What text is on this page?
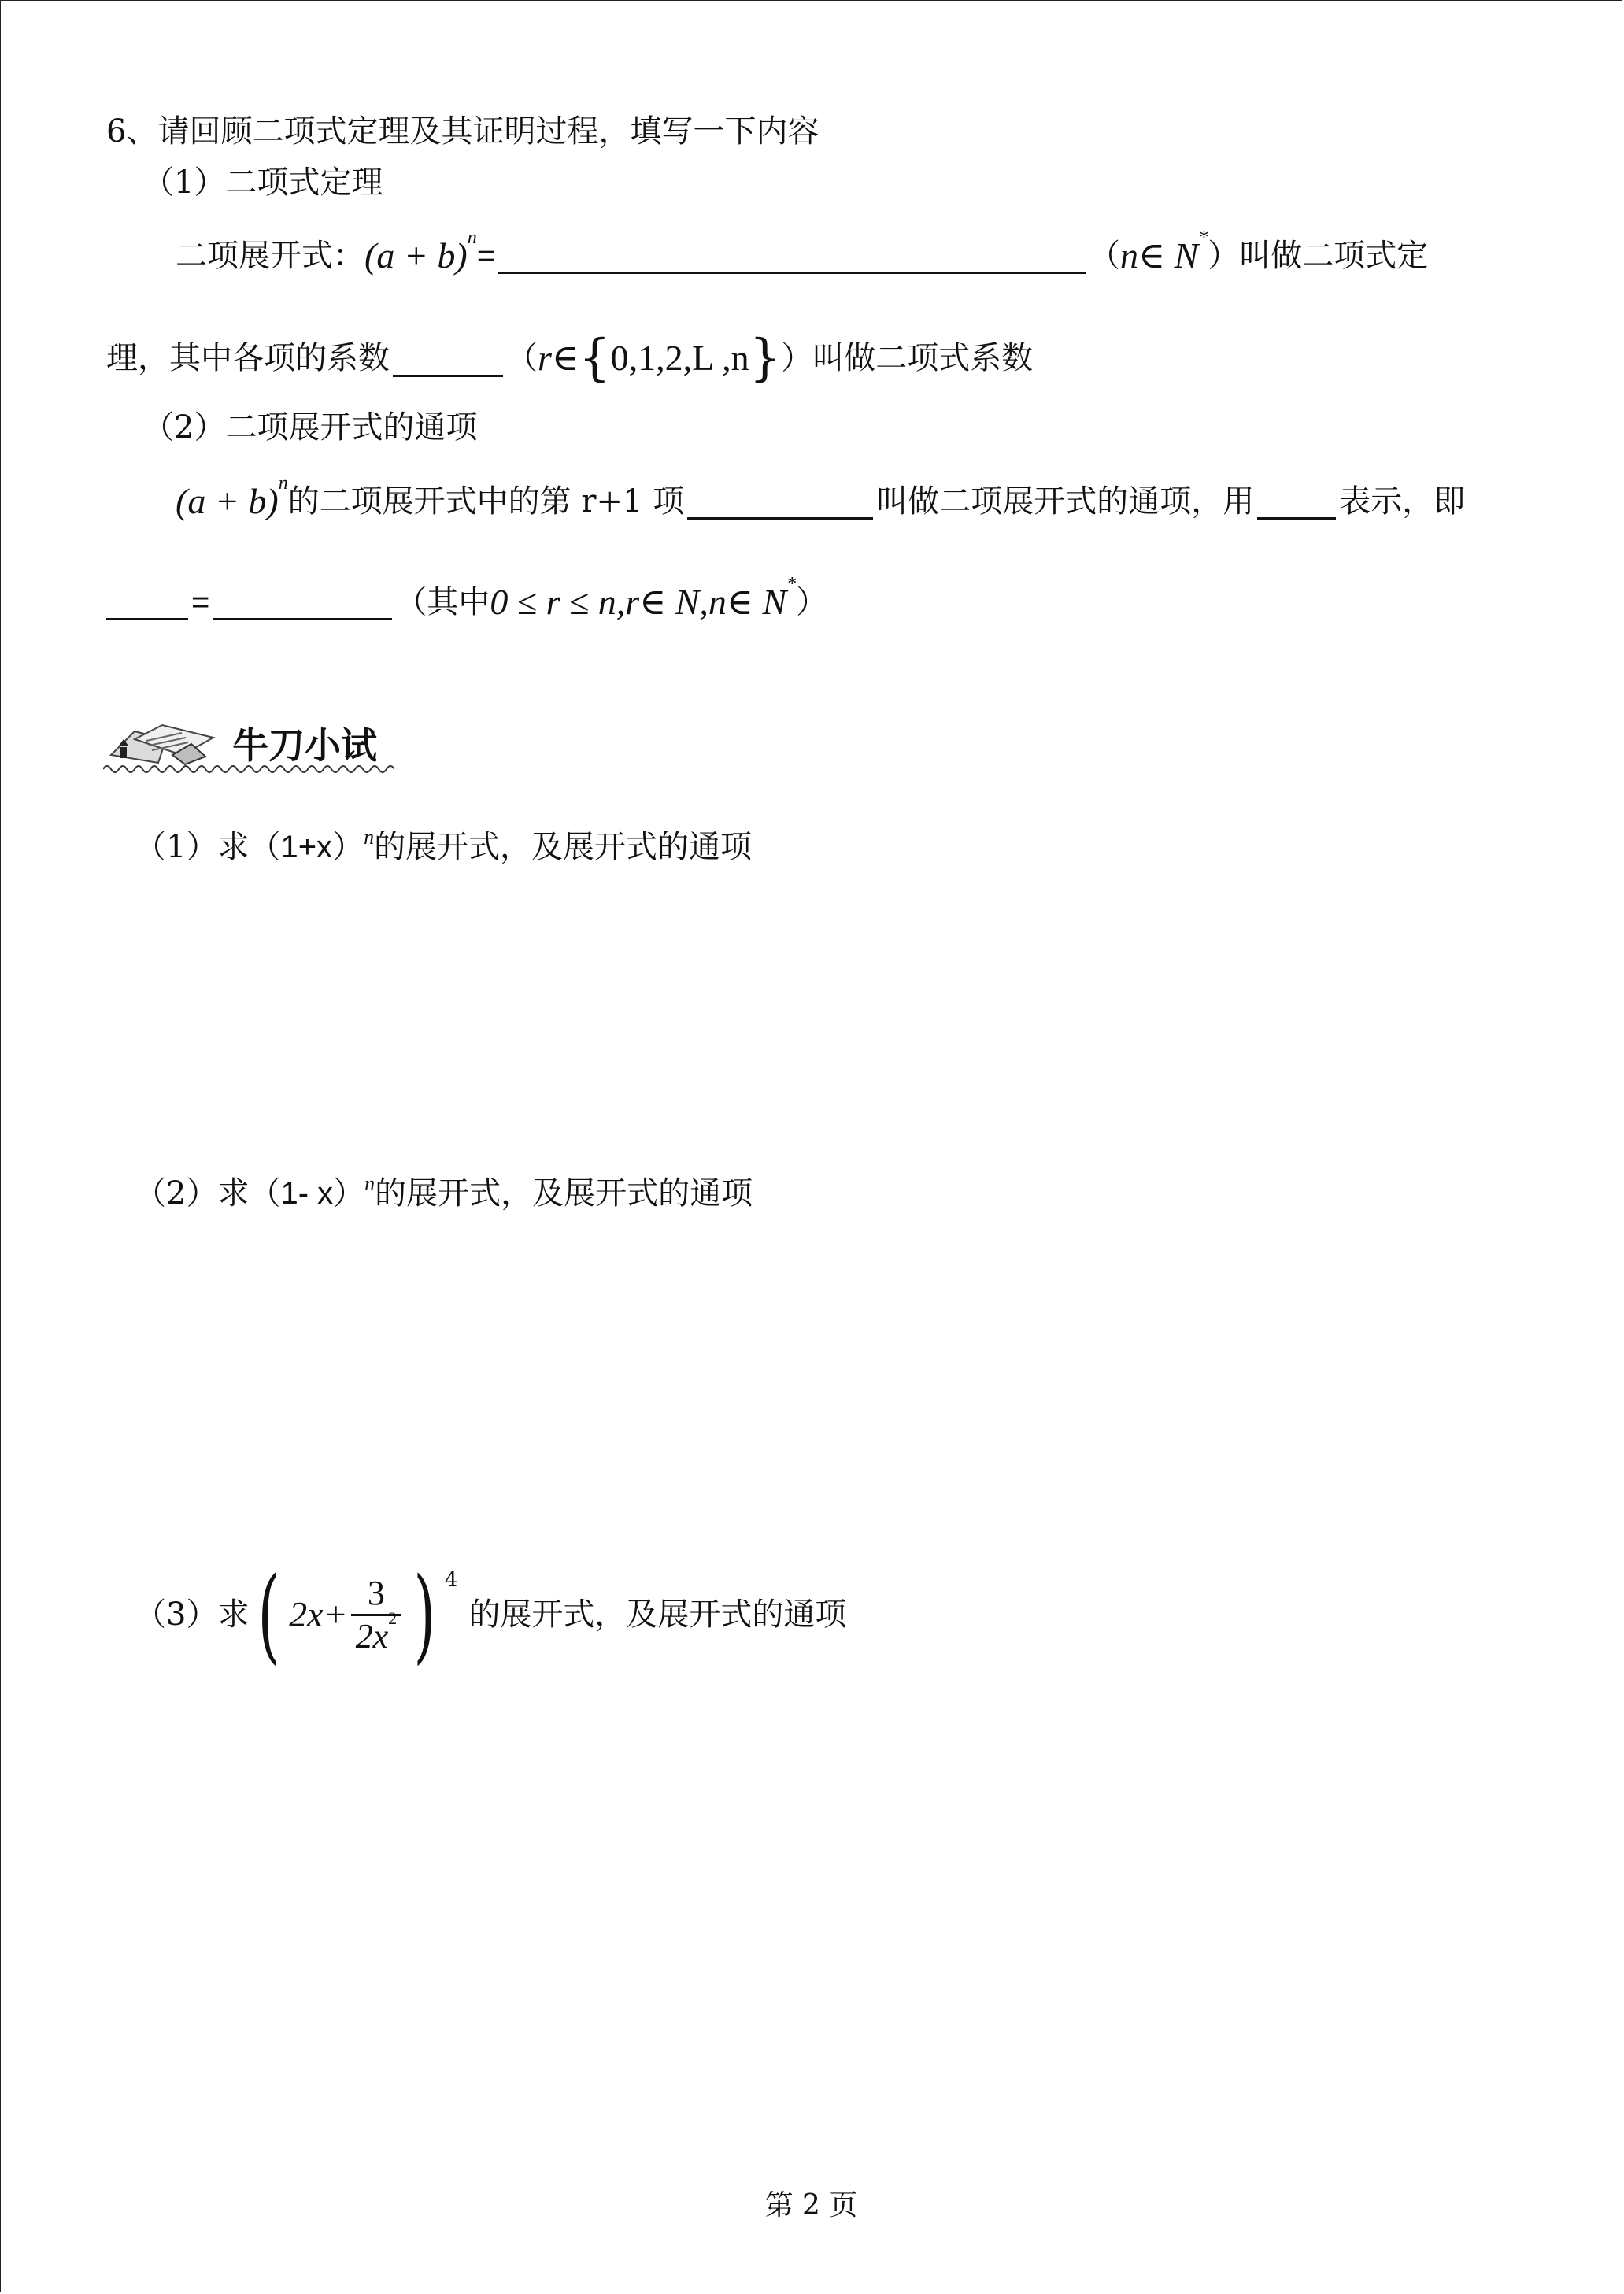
6、请回顾二项式定理及其证明过程，填写一下内容
（1）二项式定理
二项展开式： $(a + b)^n$
=	（ n∈ N* ）叫做二项式定
理，其中各项的系数	（ r∈ { 0,1,2,L ,n } ）叫做二项式系数
（2）二项展开式的通项
$(a + b)^n$ 的二项展开式中的第 r+1 项	叫做二项展开式的通项，用	表示，即
=	（其中 0 ≤ r ≤ n,r∈ N,n∈ N* ）
牛刀小试
（1）求（ 1+x ） n 的展开式，及展开式的通项
（2）求（ 1- x ） n 的展开式，及展开式的通项
（3）求 ( $2x+ \frac{3}{2x^2}$ ) 4
的展开式，及展开式的通项
第 2 页
